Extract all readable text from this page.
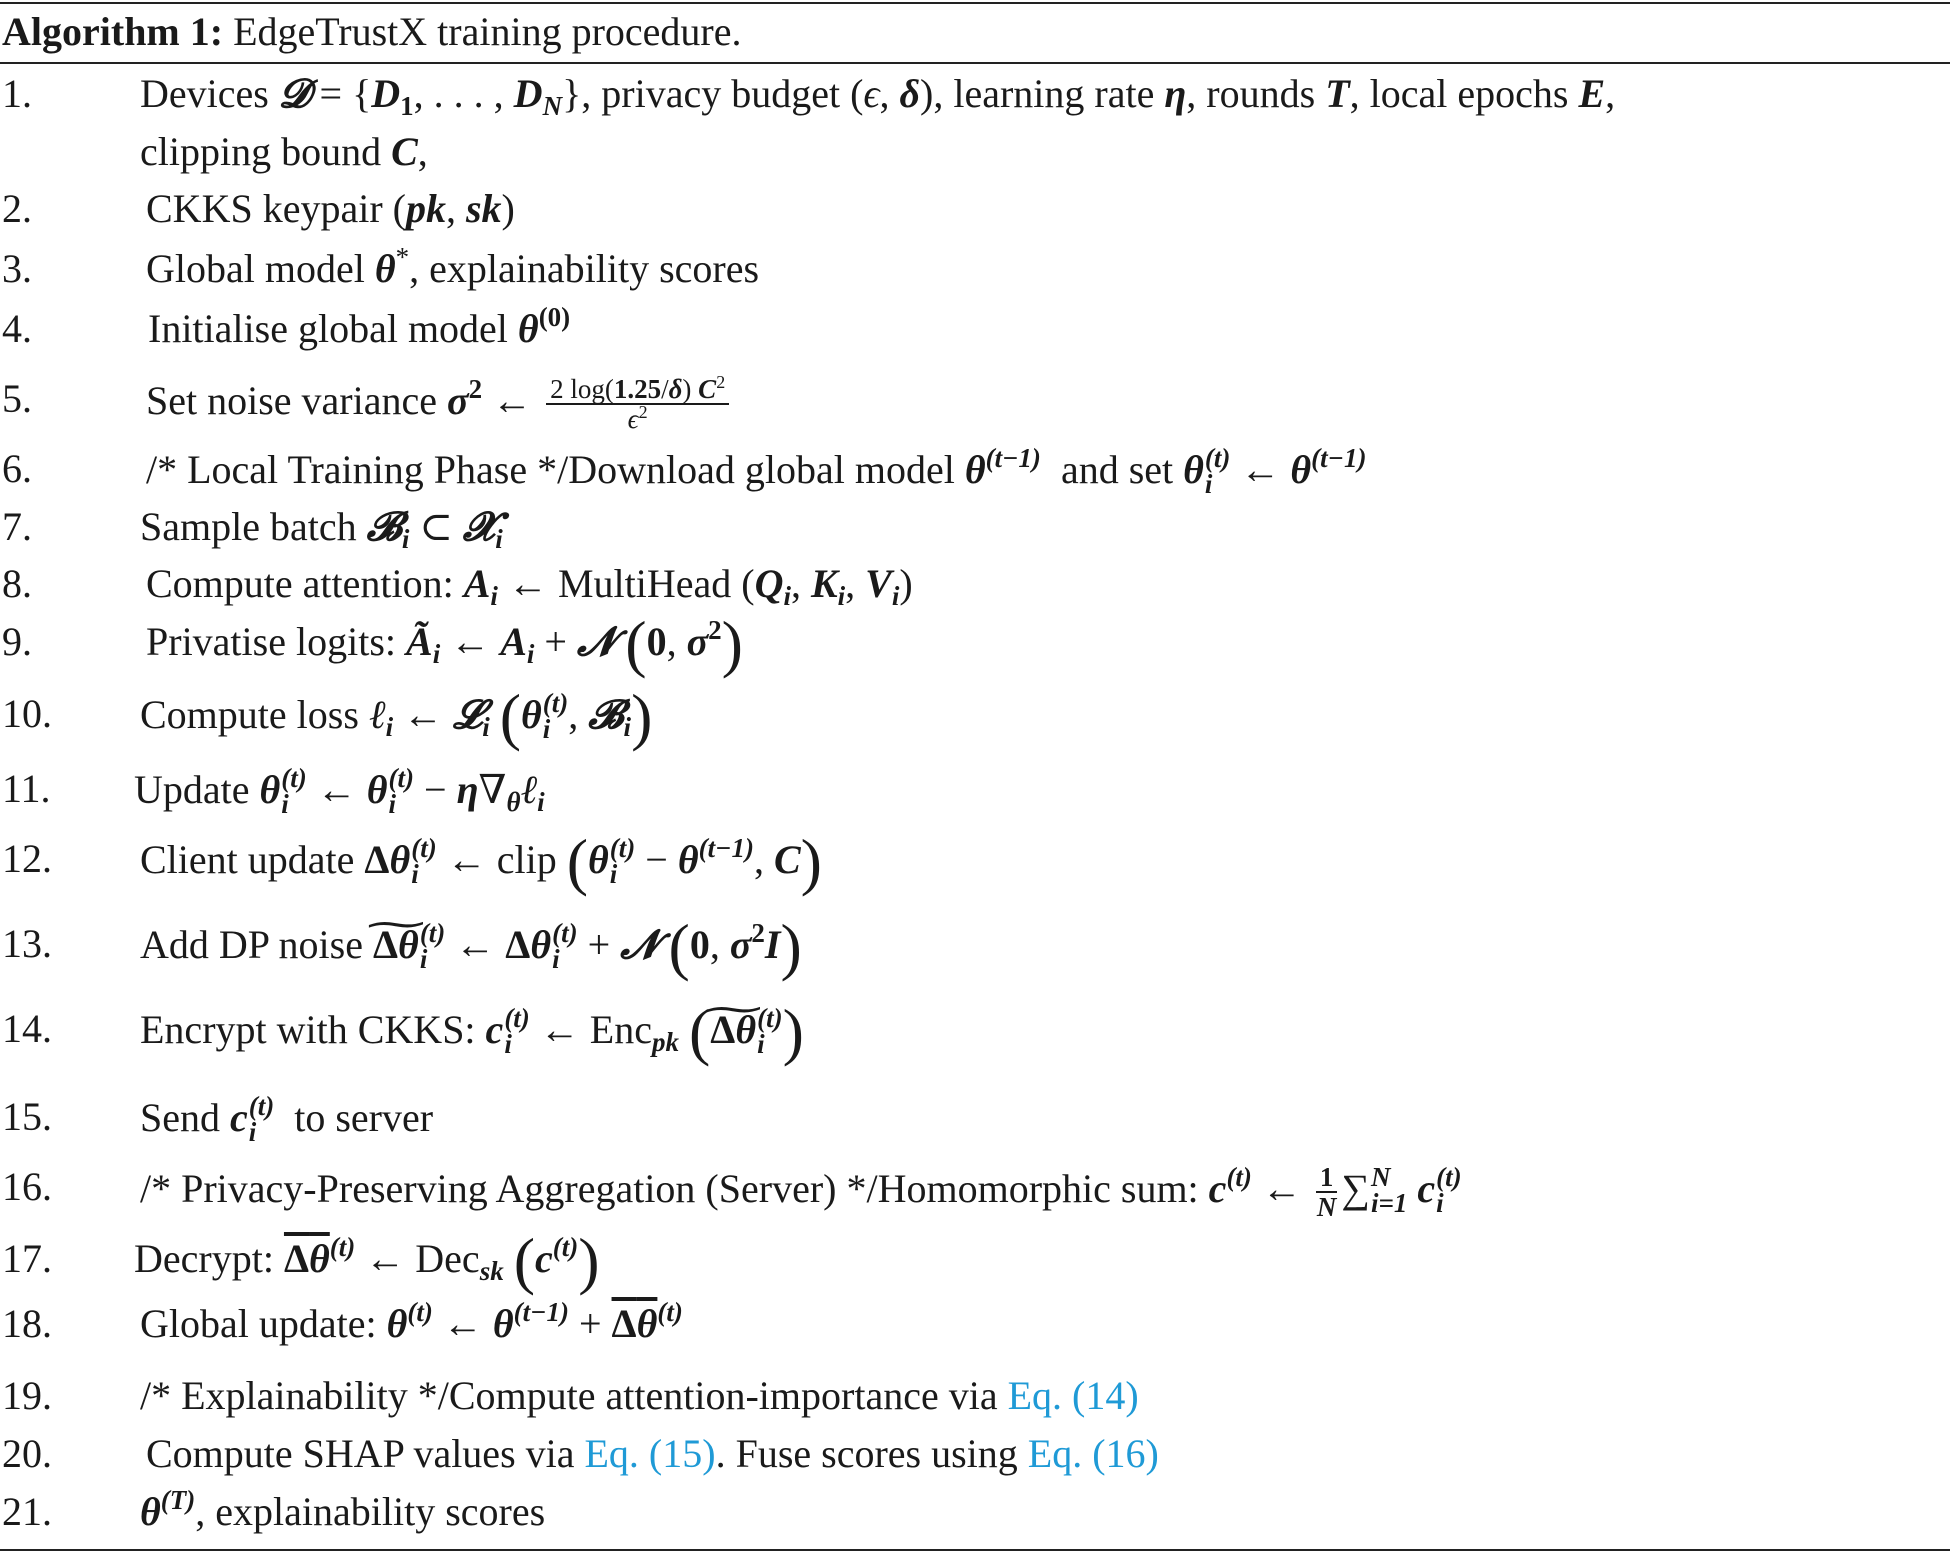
Algorithm 1: EdgeTrustX training procedure.
1.	Devices 𝓓 = {$D_1$, . . . , $D_N$}, privacy budget (ϵ, δ), learning rate η, rounds T, local epochs E,
clipping bound C,
2.	CKKS keypair (pk, sk)
3.	Global model θ*, explainability scores
4.	Initialise global model $\theta^{(0)}$
5.	Set noise variance $\sigma^2$ ← $\frac{2 \log(1.25/\delta) C^2}{\epsilon^2}$
6.	/* Local Training Phase */Download global model $\theta^{(t-1)}$  and set θ (t)
i ← $\theta^{(t-1)}$
7.	Sample batch 𝓑$_i$ ⊂ 𝓧$_i$
8.	Compute attention: $A_i$ ← MultiHead ($Q_i$, $K_i$, $V_i$)
9.	Privatise logits: $Ã_i$ ← $A_i$ + 𝓝 (0, $\sigma^2$)
10. Compute loss ℓ$_i$ ← 𝓛$_i$ (θ (t)
i , 𝓑$_i$)
11. Update θ (t)
i ← θ (t)
$i - \eta\nabla_\theta\ell_i$
12. Client update Δθ (t)
i ← clip (θ (t)
$i - \theta^{(t-1)}$, C)
13. Add DP noise ∼ Δθ (t)
i ← Δθ (t)
i + 𝓝 (0, $\sigma^2I$)
14. Encrypt with CKKS: c (t)
i ← Enc$_{pk}$ (∼ Δθ (t)
i )
15. Send c (t)
i to server
16. /* Privacy-Preserving Aggregation (Server) */Homomorphic sum: $c^{(t)}$ ← $\frac{1}{N}$ ∑ N
i=1 c (t)
i
17. Decrypt: $\Delta\theta^{(t)}$ ← Dec$_{sk}$ $(c^{(t)})$
18. Global update: $\theta^{(t)}$ ← $\theta^{(t-1)} + \Delta\theta^{(t)}$
19. /* Explainability */Compute attention-importance via Eq. (14)
20. Compute SHAP values via Eq. (15). Fuse scores using Eq. (16)
21. $\theta^{(T)}$, explainability scores
